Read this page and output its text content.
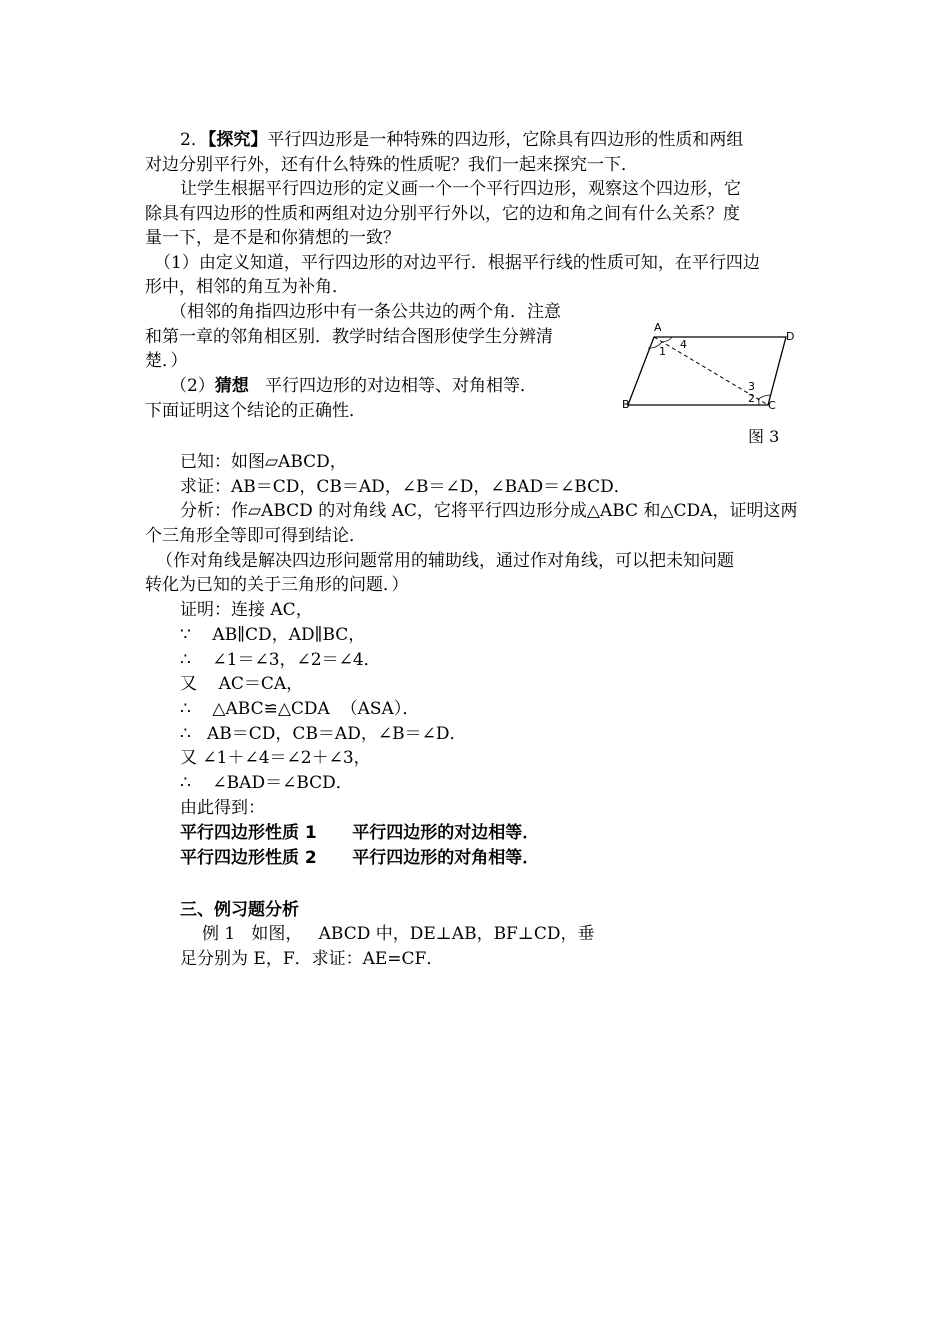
2．【探究】平行四边形是一种特殊的四边形，它除具有四边形的性质和两组
对边分别平行外，还有什么特殊的性质呢？我们一起来探究一下．
让学生根据平行四边形的定义画一个一个平行四边形，观察这个四边形，它
除具有四边形的性质和两组对边分别平行外以，它的边和角之间有什么关系？度
量一下，是不是和你猜想的一致？
（1）由定义知道，平行四边形的对边平行．根据平行线的性质可知，在平行四边
形中，相邻的角互为补角．
（相邻的角指四边形中有一条公共边的两个角．注意
和第一章的邻角相区别．教学时结合图形使学生分辨清
楚．）
（2）猜想   平行四边形的对边相等、对角相等．
下面证明这个结论的正确性．
A
D
B	C
1
4
3
2
图 3
已知：如图▱ABCD，
求证：AB＝CD，CB＝AD，∠B＝∠D，∠BAD＝∠BCD．
分析：作▱ABCD 的对角线 AC，它将平行四边形分成△ABC 和△CDA，证明这两
个三角形全等即可得到结论．
（作对角线是解决四边形问题常用的辅助线，通过作对角线，可以把未知问题
转化为已知的关于三角形的问题．）
证明：连接 AC，
∵    AB∥CD，AD∥BC，
∴    ∠1＝∠3，∠2＝∠4．
又    AC＝CA，
∴    △ABC≌△CDA  （ASA）．
∴   AB＝CD，CB＝AD，∠B＝∠D．
又 ∠1＋∠4＝∠2＋∠3，
∴    ∠BAD＝∠BCD．
由此得到：
平行四边形性质 1      平行四边形的对边相等．
平行四边形性质 2      平行四边形的对角相等．
三、例习题分析
例 1   如图，   ABCD 中，DE⊥AB，BF⊥CD，垂
足分别为 E，F．求证：AE=CF．
